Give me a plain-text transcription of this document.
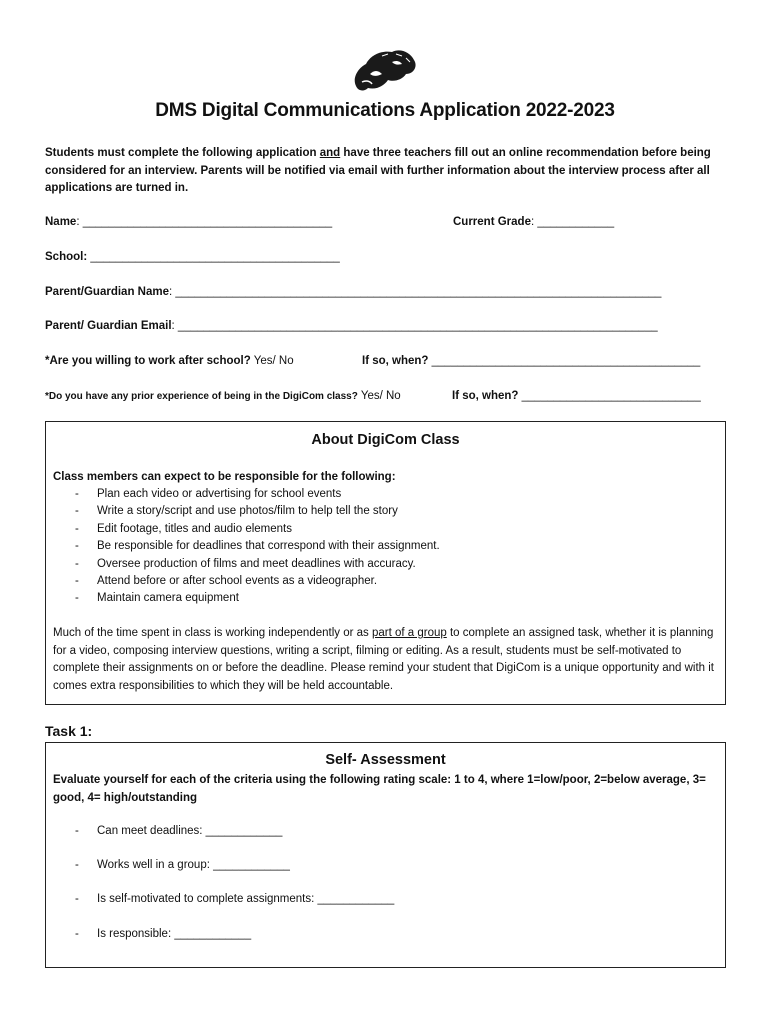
DMS Digital Communications Application 2022-2023
Students must complete the following application and have three teachers fill out an online recommendation before being considered for an interview. Parents will be notified via email with further information about the interview process after all applications are turned in.
Name: _______________________________________	Current Grade: ____________
School: _______________________________________
Parent/Guardian Name: ____________________________________________________________________________
Parent/ Guardian Email: ___________________________________________________________________________
*Are you willing to work after school? Yes/ No	If so, when? __________________________________________
*Do you have any prior experience of being in the DigiCom class? Yes/ No	If so, when? ____________________________
About DigiCom Class
Class members can expect to be responsible for the following:
- Plan each video or advertising for school events
- Write a story/script and use photos/film to help tell the story
- Edit footage, titles and audio elements
- Be responsible for deadlines that correspond with their assignment.
- Oversee production of films and meet deadlines with accuracy.
- Attend before or after school events as a videographer.
- Maintain camera equipment
Much of the time spent in class is working independently or as part of a group to complete an assigned task, whether it is planning for a video, composing interview questions, writing a script, filming or editing. As a result, students must be self-motivated to complete their assignments on or before the deadline. Please remind your student that DigiCom is a unique opportunity and with it comes extra responsibilities to which they will be held accountable.
Task 1:
Self- Assessment
Evaluate yourself for each of the criteria using the following rating scale: 1 to 4, where 1=low/poor, 2=below average, 3= good, 4= high/outstanding
- Can meet deadlines: ____________
- Works well in a group: ____________
- Is self-motivated to complete assignments: ____________
- Is responsible: ____________
